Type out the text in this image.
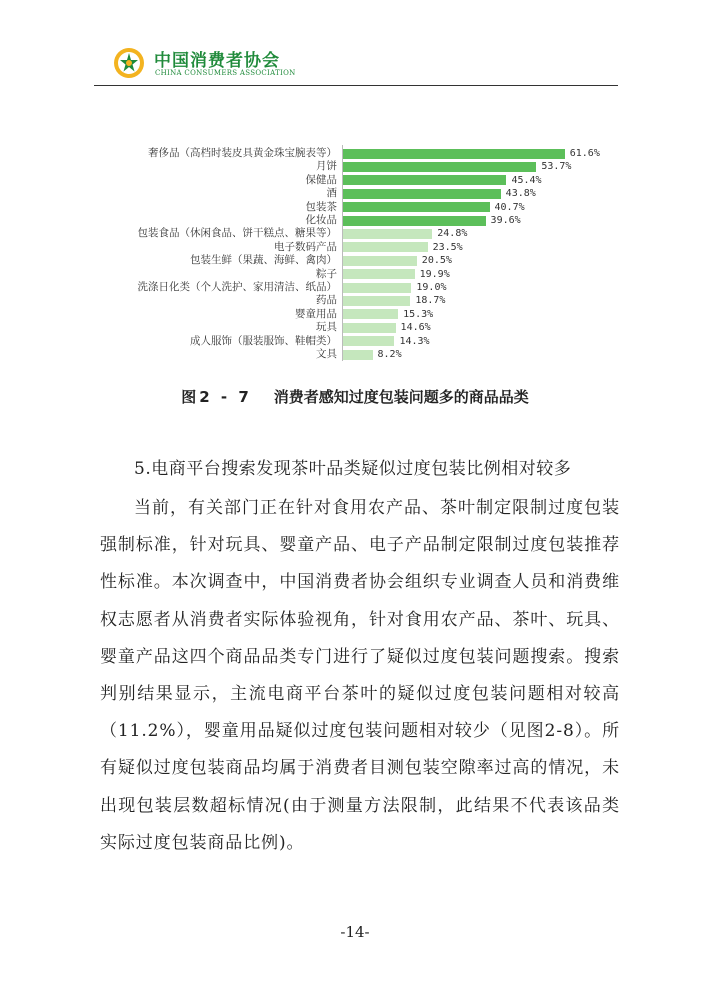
中国消费者协会
CHINA CONSUMERS ASSOCIATION
奢侈品（高档时装皮具黄金珠宝腕表等）	61.6%
月饼	53.7%
保健品	45.4%
酒	43.8%
包装茶	40.7%
化妆品	39.6%
包装食品（休闲食品、饼干糕点、糖果等）	24.8%
电子数码产品	23.5%
包装生鲜（果蔬、海鲜、禽肉）	20.5%
粽子	19.9%
洗涤日化类（个人洗护、家用清洁、纸品）	19.0%
药品	18.7%
婴童用品	15.3%
玩具	14.6%
成人服饰（服装服饰、鞋帽类）	14.3%
文具	8.2%
图2 - 7 消费者感知过度包装问题多的商品品类
5.电商平台搜索发现茶叶品类疑似过度包装比例相对较多
当前，有关部门正在针对食用农产品、茶叶制定限制过度包装强制标准，针对玩具、婴童产品、电子产品制定限制过度包装推荐性标准。本次调查中，中国消费者协会组织专业调查人员和消费维权志愿者从消费者实际体验视角，针对食用农产品、茶叶、玩具、婴童产品这四个商品品类专门进行了疑似过度包装问题搜索。搜索判别结果显示，主流电商平台茶叶的疑似过度包装问题相对较高（11.2%），婴童用品疑似过度包装问题相对较少（见图2-8）。所有疑似过度包装商品均属于消费者目测包装空隙率过高的情况，未出现包装层数超标情况(由于测量方法限制，此结果不代表该品类实际过度包装商品比例)。
-14-
